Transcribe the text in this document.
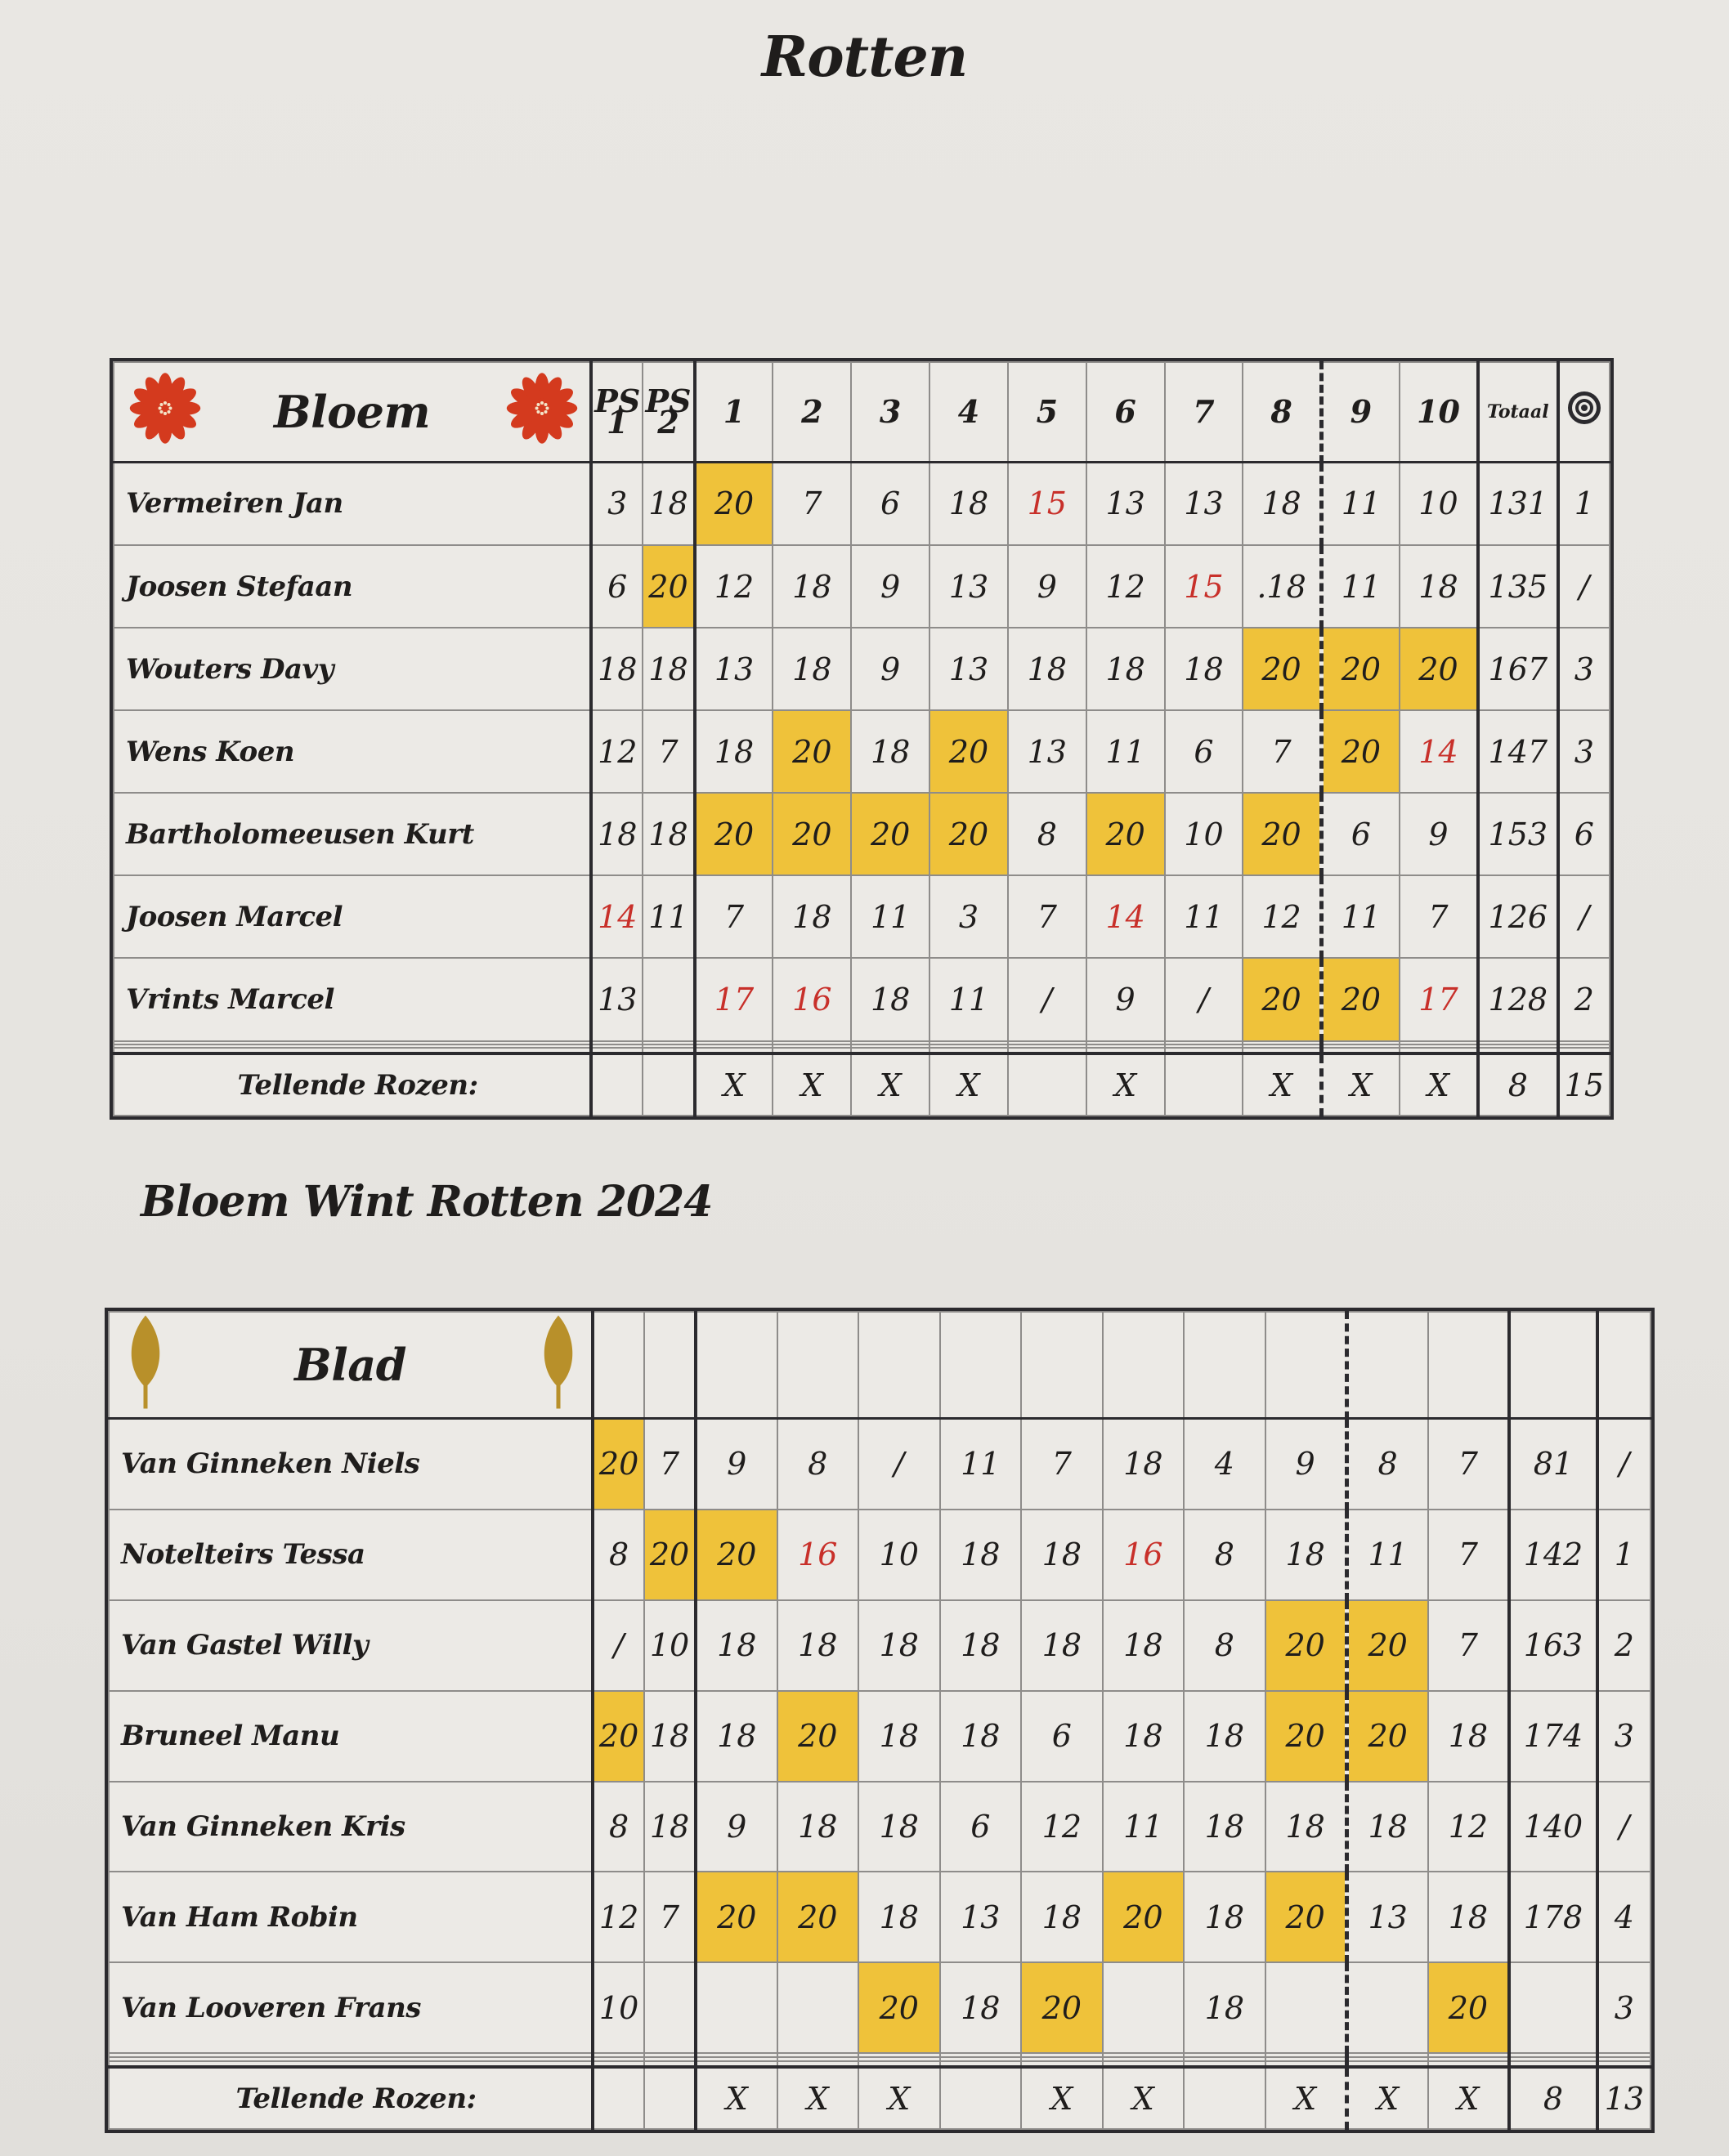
Rotten
Bloem	PS 1	PS 2	1	2	3	4	5	6	7	8	9	10	Totaal	
Vermeiren Jan	3	18	20	7	6	18	15	13	13	18	11	10	131	1
Joosen Stefaan	6	20	12	18	9	13	9	12	15	.18	11	18	135	/
Wouters Davy	18	18	13	18	9	13	18	18	18	20	20	20	167	3
Wens Koen	12	7	18	20	18	20	13	11	6	7	20	14	147	3
Bartholomeeusen Kurt	18	18	20	20	20	20	8	20	10	20	6	9	153	6
Joosen Marcel	14	11	7	18	11	3	7	14	11	12	11	7	126	/
Vrints Marcel	13		17	16	18	11	/	9	/	20	20	17	128	2

Tellende Rozen:			X	X	X	X		X		X	X	X	8	15
Bloem Wint Rotten 2024
Blad

Van Ginneken Niels	20	7	9	8	/	11	7	18	4	9	8	7	81	/
Notelteirs Tessa	8	20	20	16	10	18	18	16	8	18	11	7	142	1
Van Gastel Willy	/	10	18	18	18	18	18	18	8	20	20	7	163	2
Bruneel Manu	20	18	18	20	18	18	6	18	18	20	20	18	174	3
Van Ginneken Kris	8	18	9	18	18	6	12	11	18	18	18	12	140	/
Van Ham Robin	12	7	20	20	18	13	18	20	18	20	13	18	178	4
Van Looveren Frans	10				20	18	20		18			20		3

Tellende Rozen:			X	X	X		X	X		X	X	X	8	13
